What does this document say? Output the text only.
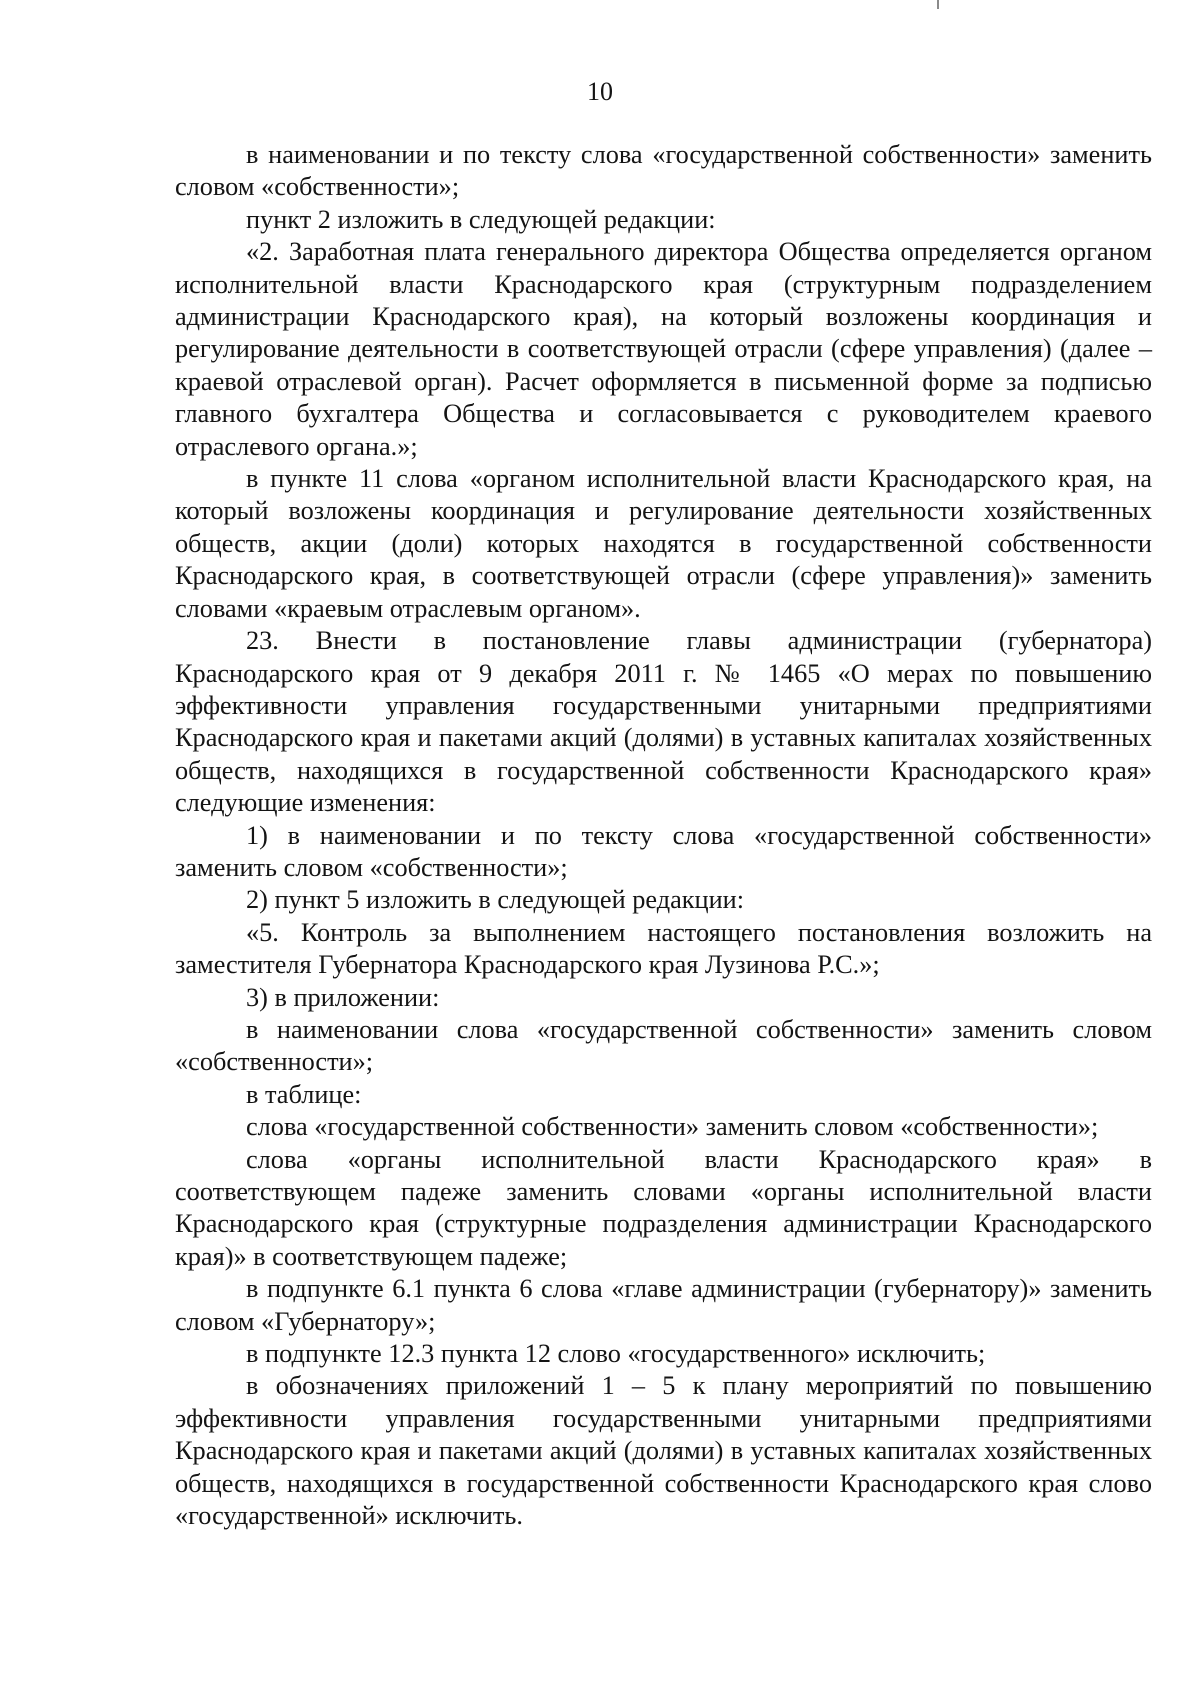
10

в наименовании и по тексту слова «государственной собственности» заменить словом «собственности»;

пункт 2 изложить в следующей редакции:

«2. Заработная плата генерального директора Общества определяется органом исполнительной власти Краснодарского края (структурным подразделением администрации Краснодарского края), на который возложены координация и регулирование деятельности в соответствующей отрасли (сфере управления) (далее – краевой отраслевой орган). Расчет оформляется в письменной форме за подписью главного бухгалтера Общества и согласовывается с руководителем краевого отраслевого органа.»;

в пункте 11 слова «органом исполнительной власти Краснодарского края, на который возложены координация и регулирование деятельности хозяйственных обществ, акции (доли) которых находятся в государственной собственности Краснодарского края, в соответствующей отрасли (сфере управления)» заменить словами «краевым отраслевым органом».

23. Внести в постановление главы администрации (губернатора) Краснодарского края от 9 декабря 2011 г. № 1465 «О мерах по повышению эффективности управления государственными унитарными предприятиями Краснодарского края и пакетами акций (долями) в уставных капиталах хозяйственных обществ, находящихся в государственной собственности Краснодарского края» следующие изменения:

1) в наименовании и по тексту слова «государственной собственности» заменить словом «собственности»;

2) пункт 5 изложить в следующей редакции:

«5. Контроль за выполнением настоящего постановления возложить на заместителя Губернатора Краснодарского края Лузинова Р.С.»;

3) в приложении:

в наименовании слова «государственной собственности» заменить словом «собственности»;

в таблице:

слова «государственной собственности» заменить словом «собственности»;

слова «органы исполнительной власти Краснодарского края» в соответствующем падеже заменить словами «органы исполнительной власти Краснодарского края (структурные подразделения администрации Краснодарского края)» в соответствующем падеже;

в подпункте 6.1 пункта 6 слова «главе администрации (губернатору)» заменить словом «Губернатору»;

в подпункте 12.3 пункта 12 слово «государственного» исключить;

в обозначениях приложений 1 – 5 к плану мероприятий по повышению эффективности управления государственными унитарными предприятиями Краснодарского края и пакетами акций (долями) в уставных капиталах хозяйственных обществ, находящихся в государственной собственности Краснодарского края слово «государственной» исключить.
